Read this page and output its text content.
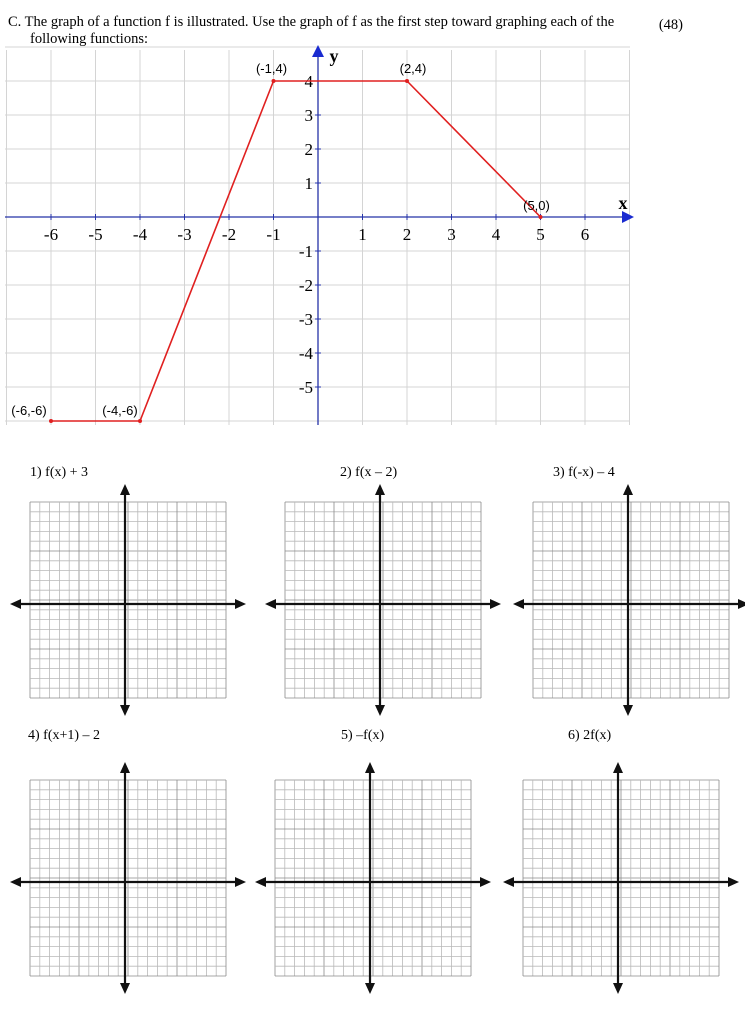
C. The graph of a function f is illustrated. Use the graph of f as the first step toward graphing each of the
following functions:
(48)
x
y
-6 -5 -4 -3 -2 -1	1 2 3 4 5 6
4
3
2
1
-1
-2
-3
-4
-5
(-6,-6)	(-4,-6)
(-1,4)	(2,4)
(5,0)
1) f(x) + 3	2) f(x – 2)	3) f(-x) – 4
4) f(x+1) – 2	5) –f(x)	6) 2f(x)
